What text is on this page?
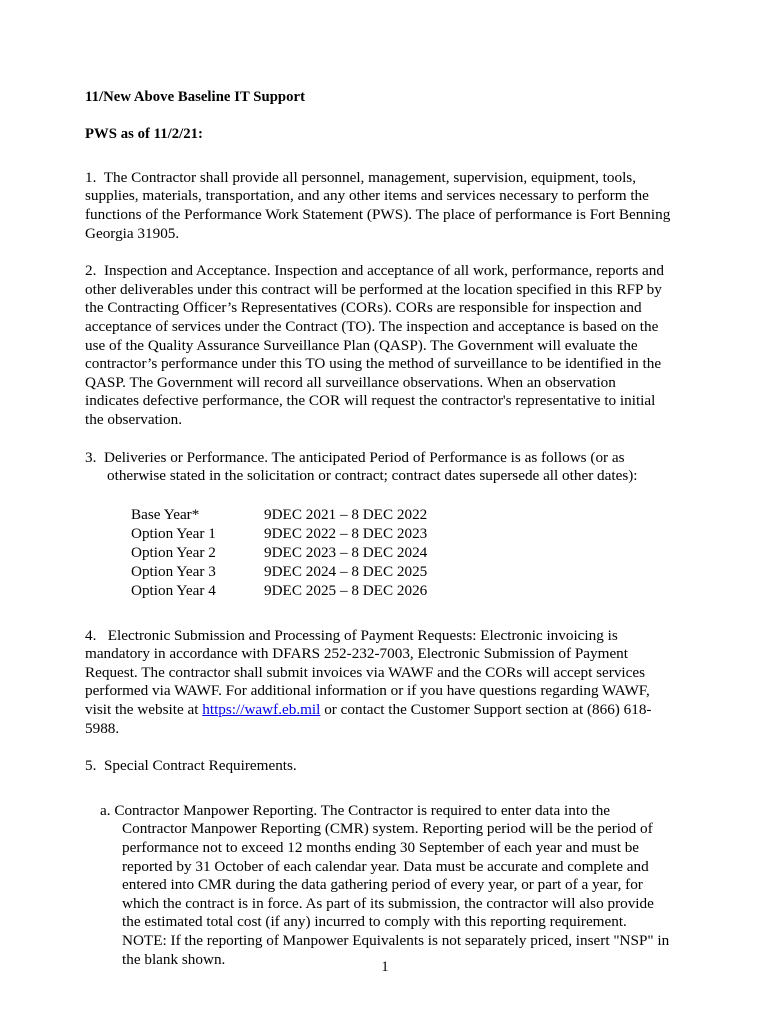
11/New Above Baseline IT Support
PWS as of 11/2/21:

1.  The Contractor shall provide all personnel, management, supervision, equipment, tools, supplies, materials, transportation, and any other items and services necessary to perform the functions of the Performance Work Statement (PWS). The place of performance is Fort Benning Georgia 31905.

2.  Inspection and Acceptance. Inspection and acceptance of all work, performance, reports and other deliverables under this contract will be performed at the location specified in this RFP by the Contracting Officer’s Representatives (CORs). CORs are responsible for inspection and acceptance of services under the Contract (TO). The inspection and acceptance is based on the use of the Quality Assurance Surveillance Plan (QASP). The Government will evaluate the contractor’s performance under this TO using the method of surveillance to be identified in the QASP. The Government will record all surveillance observations. When an observation indicates defective performance, the COR will request the contractor's representative to initial the observation.

3.  Deliveries or Performance. The anticipated Period of Performance is as follows (or as otherwise stated in the solicitation or contract; contract dates supersede all other dates):

Base Year*	9DEC 2021 – 8 DEC 2022
Option Year 1	9DEC 2022 – 8 DEC 2023
Option Year 2	9DEC 2023 – 8 DEC 2024
Option Year 3	9DEC 2024 – 8 DEC 2025
Option Year 4	9DEC 2025 – 8 DEC 2026

4.   Electronic Submission and Processing of Payment Requests: Electronic invoicing is mandatory in accordance with DFARS 252-232-7003, Electronic Submission of Payment Request. The contractor shall submit invoices via WAWF and the CORs will accept services performed via WAWF. For additional information or if you have questions regarding WAWF, visit the website at https://wawf.eb.mil or contact the Customer Support section at (866) 618-5988.

5.  Special Contract Requirements.

a. Contractor Manpower Reporting. The Contractor is required to enter data into the Contractor Manpower Reporting (CMR) system. Reporting period will be the period of performance not to exceed 12 months ending 30 September of each year and must be reported by 31 October of each calendar year. Data must be accurate and complete and entered into CMR during the data gathering period of every year, or part of a year, for which the contract is in force. As part of its submission, the contractor will also provide the estimated total cost (if any) incurred to comply with this reporting requirement. NOTE: If the reporting of Manpower Equivalents is not separately priced, insert "NSP" in the blank shown.	1
